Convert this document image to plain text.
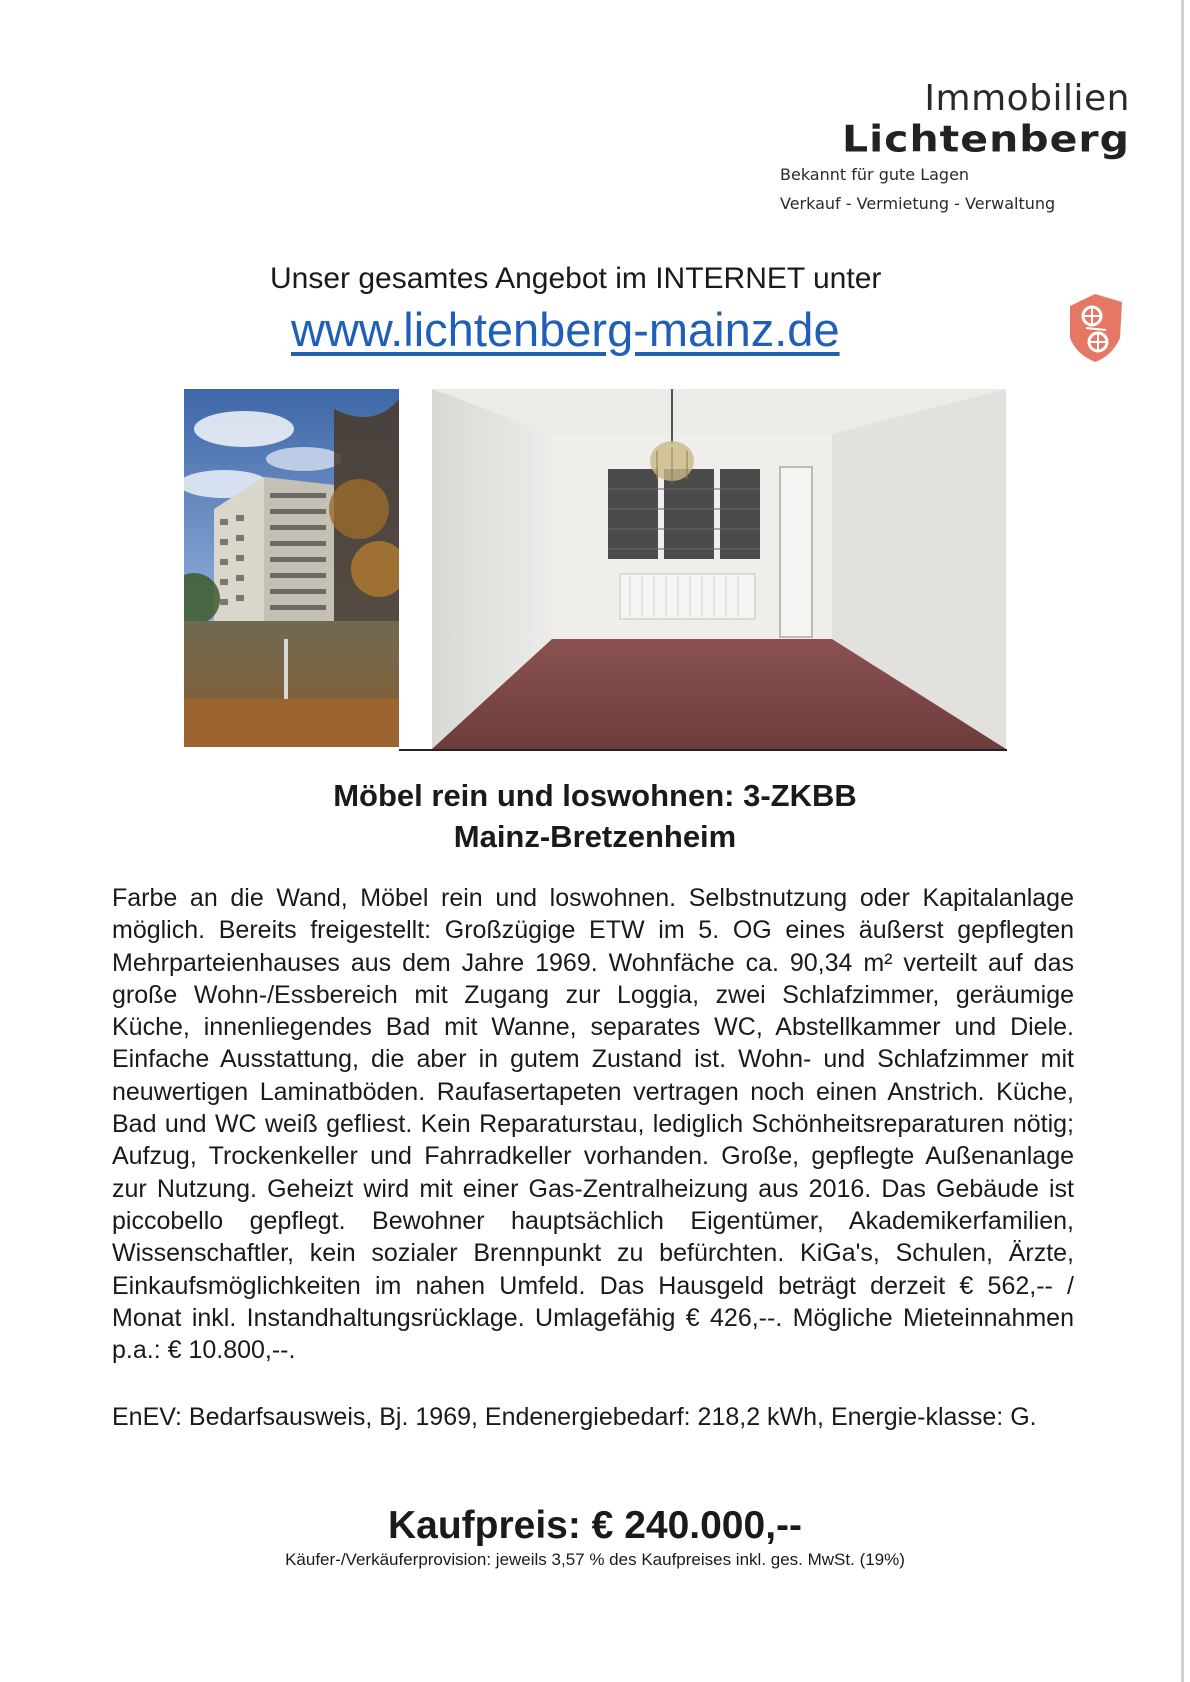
Immobilien
Lichtenberg
Bekannt für gute Lagen
Verkauf - Vermietung - Verwaltung
Unser gesamtes Angebot im INTERNET unter
www.lichtenberg-mainz.de
Möbel rein und loswohnen: 3-ZKBB
Mainz-Bretzenheim
Farbe an die Wand, Möbel rein und loswohnen. Selbstnutzung oder Kapitalanlage möglich. Bereits freigestellt: Großzügige ETW im 5. OG eines äußerst gepflegten Mehrparteienhauses aus dem Jahre 1969. Wohnfäche ca. 90,34 m² verteilt auf das große Wohn-/Essbereich mit Zugang zur Loggia, zwei Schlafzimmer, geräumige Küche, innenliegendes Bad mit Wanne, separates WC, Abstellkammer und Diele. Einfache Ausstattung, die aber in gutem Zustand ist. Wohn- und Schlafzimmer mit neuwertigen Laminatböden. Raufasertapeten vertragen noch einen Anstrich. Küche, Bad und WC weiß gefliest. Kein Reparaturstau, lediglich Schönheitsreparaturen nötig; Aufzug, Trockenkeller und Fahrradkeller vorhanden. Große, gepflegte Außenanlage zur Nutzung. Geheizt wird mit einer Gas-Zentralheizung aus 2016. Das Gebäude ist piccobello gepflegt. Bewohner hauptsächlich Eigentümer, Akademikerfamilien, Wissenschaftler, kein sozialer Brennpunkt zu befürchten. KiGa's, Schulen, Ärzte, Einkaufsmöglichkeiten im nahen Umfeld. Das Hausgeld beträgt derzeit € 562,-- / Monat inkl. Instandhaltungsrücklage. Umlagefähig € 426,--. Mögliche Mieteinnahmen p.a.: € 10.800,--.
EnEV: Bedarfsausweis, Bj. 1969, Endenergiebedarf: 218,2 kWh, Energie-klasse: G.
Kaufpreis: € 240.000,--
Käufer-/Verkäuferprovision: jeweils 3,57 % des Kaufpreises inkl. ges. MwSt. (19%)
